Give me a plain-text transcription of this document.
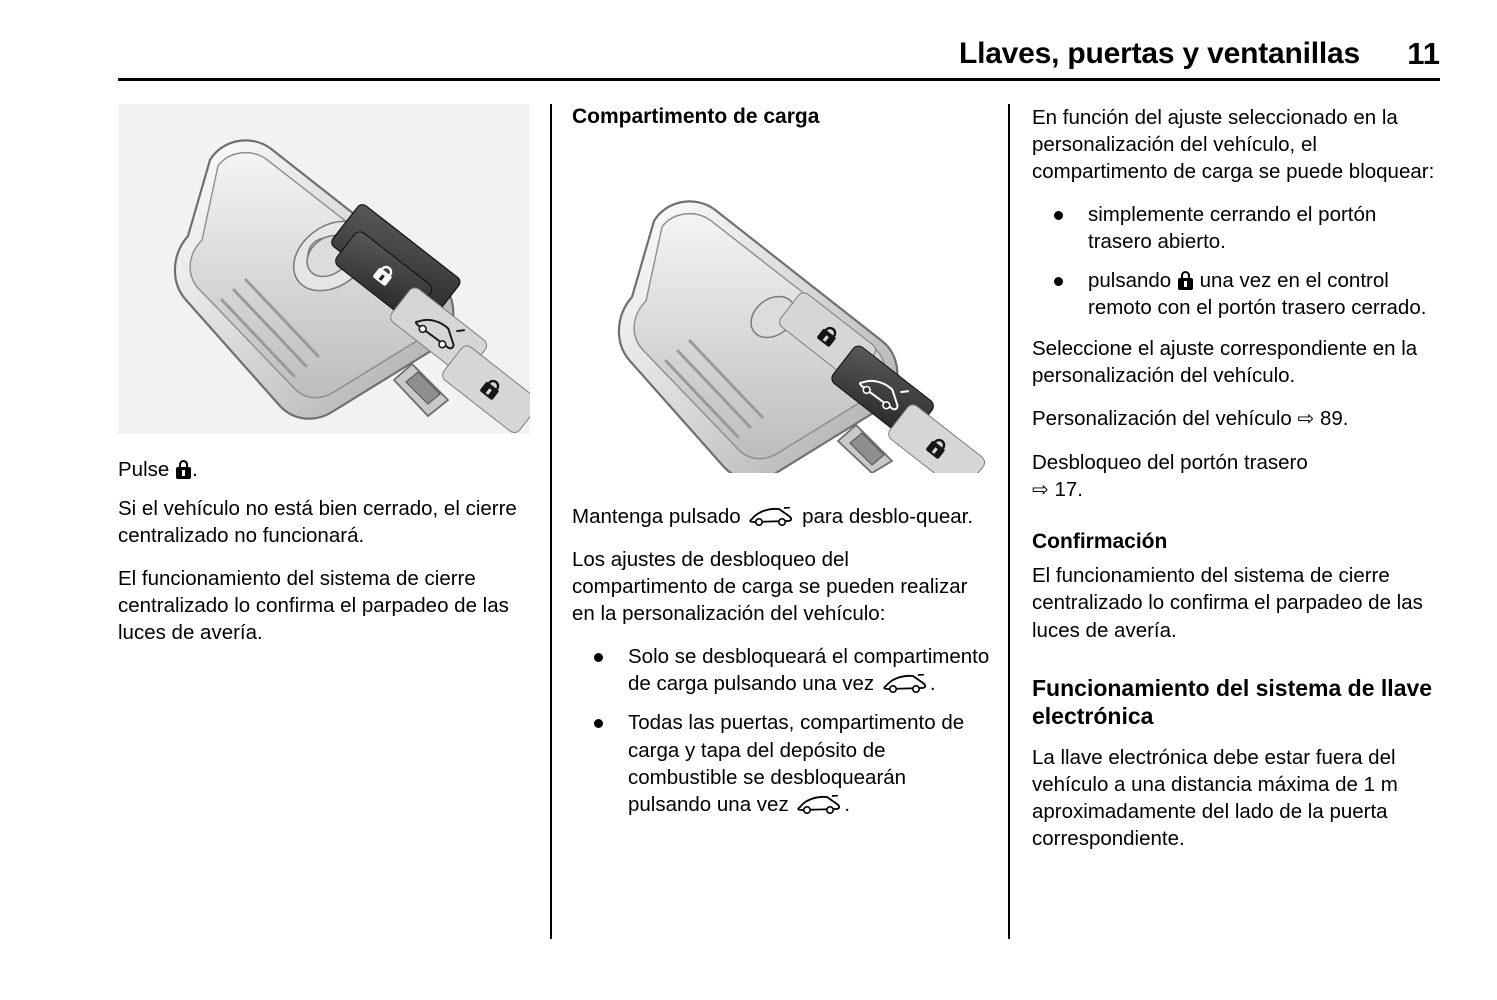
Llaves, puertas y ventanillas 11

Pulse .

Si el vehículo no está bien cerrado, el cierre centralizado no funcionará.

El funcionamiento del sistema de cierre centralizado lo confirma el parpadeo de las luces de avería.

Compartimento de carga

Mantenga pulsado	para desblo-quear.

Los ajustes de desbloqueo del compartimento de carga se pueden realizar en la personalización del vehículo:

Solo se desbloqueará el compartimento de carga pulsando una vez	.
Todas las puertas, compartimento de carga y tapa del depósito de combustible se desbloquearán pulsando una vez	.

En función del ajuste seleccionado en la personalización del vehículo, el compartimento de carga se puede bloquear:

simplemente cerrando el portón trasero abierto.
pulsando una vez en el control remoto con el portón trasero cerrado.

Seleccione el ajuste correspondiente en la personalización del vehículo.

Personalización del vehículo ⇨ 89.

Desbloqueo del portón trasero
⇨ 17.

Confirmación

El funcionamiento del sistema de cierre centralizado lo confirma el parpadeo de las luces de avería.

Funcionamiento del sistema de llave electrónica

La llave electrónica debe estar fuera del vehículo a una distancia máxima de 1 m aproximadamente del lado de la puerta correspondiente.
